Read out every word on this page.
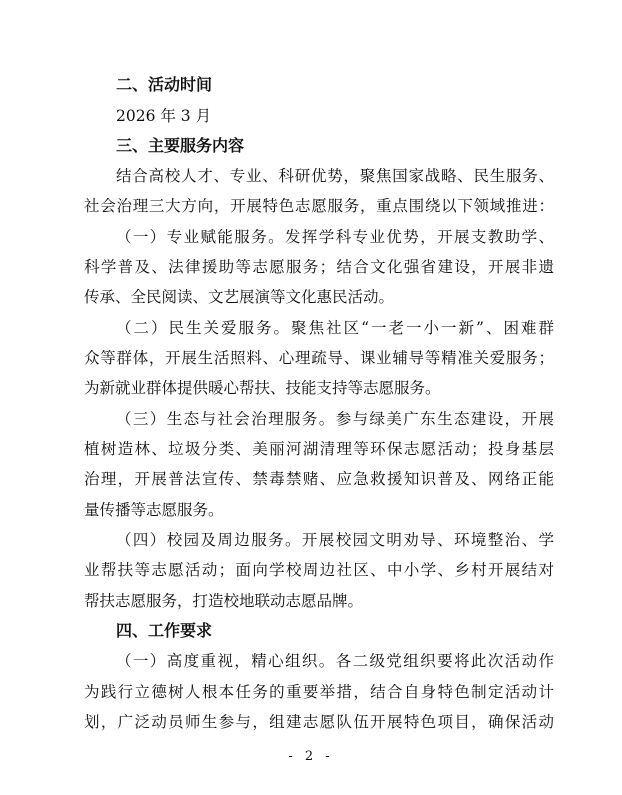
二、活动时间
2026 年 3 月
三、主要服务内容
结合高校人才、专业、科研优势，聚焦国家战略、民生服务、
社会治理三大方向，开展特色志愿服务，重点围绕以下领域推进：
（一）专业赋能服务。发挥学科专业优势，开展支教助学、
科学普及、法律援助等志愿服务；结合文化强省建设，开展非遗
传承、全民阅读、文艺展演等文化惠民活动。
（二）民生关爱服务。聚焦社区“一老一小一新”、困难群
众等群体，开展生活照料、心理疏导、课业辅导等精准关爱服务；
为新就业群体提供暖心帮扶、技能支持等志愿服务。
（三）生态与社会治理服务。参与绿美广东生态建设，开展
植树造林、垃圾分类、美丽河湖清理等环保志愿活动；投身基层
治理，开展普法宣传、禁毒禁赌、应急救援知识普及、网络正能
量传播等志愿服务。
（四）校园及周边服务。开展校园文明劝导、环境整治、学
业帮扶等志愿活动；面向学校周边社区、中小学、乡村开展结对
帮扶志愿服务，打造校地联动志愿品牌。
四、工作要求
（一）高度重视，精心组织。各二级党组织要将此次活动作
为践行立德树人根本任务的重要举措，结合自身特色制定活动计
划，广泛动员师生参与，组建志愿队伍开展特色项目，确保活动
- 2 -
